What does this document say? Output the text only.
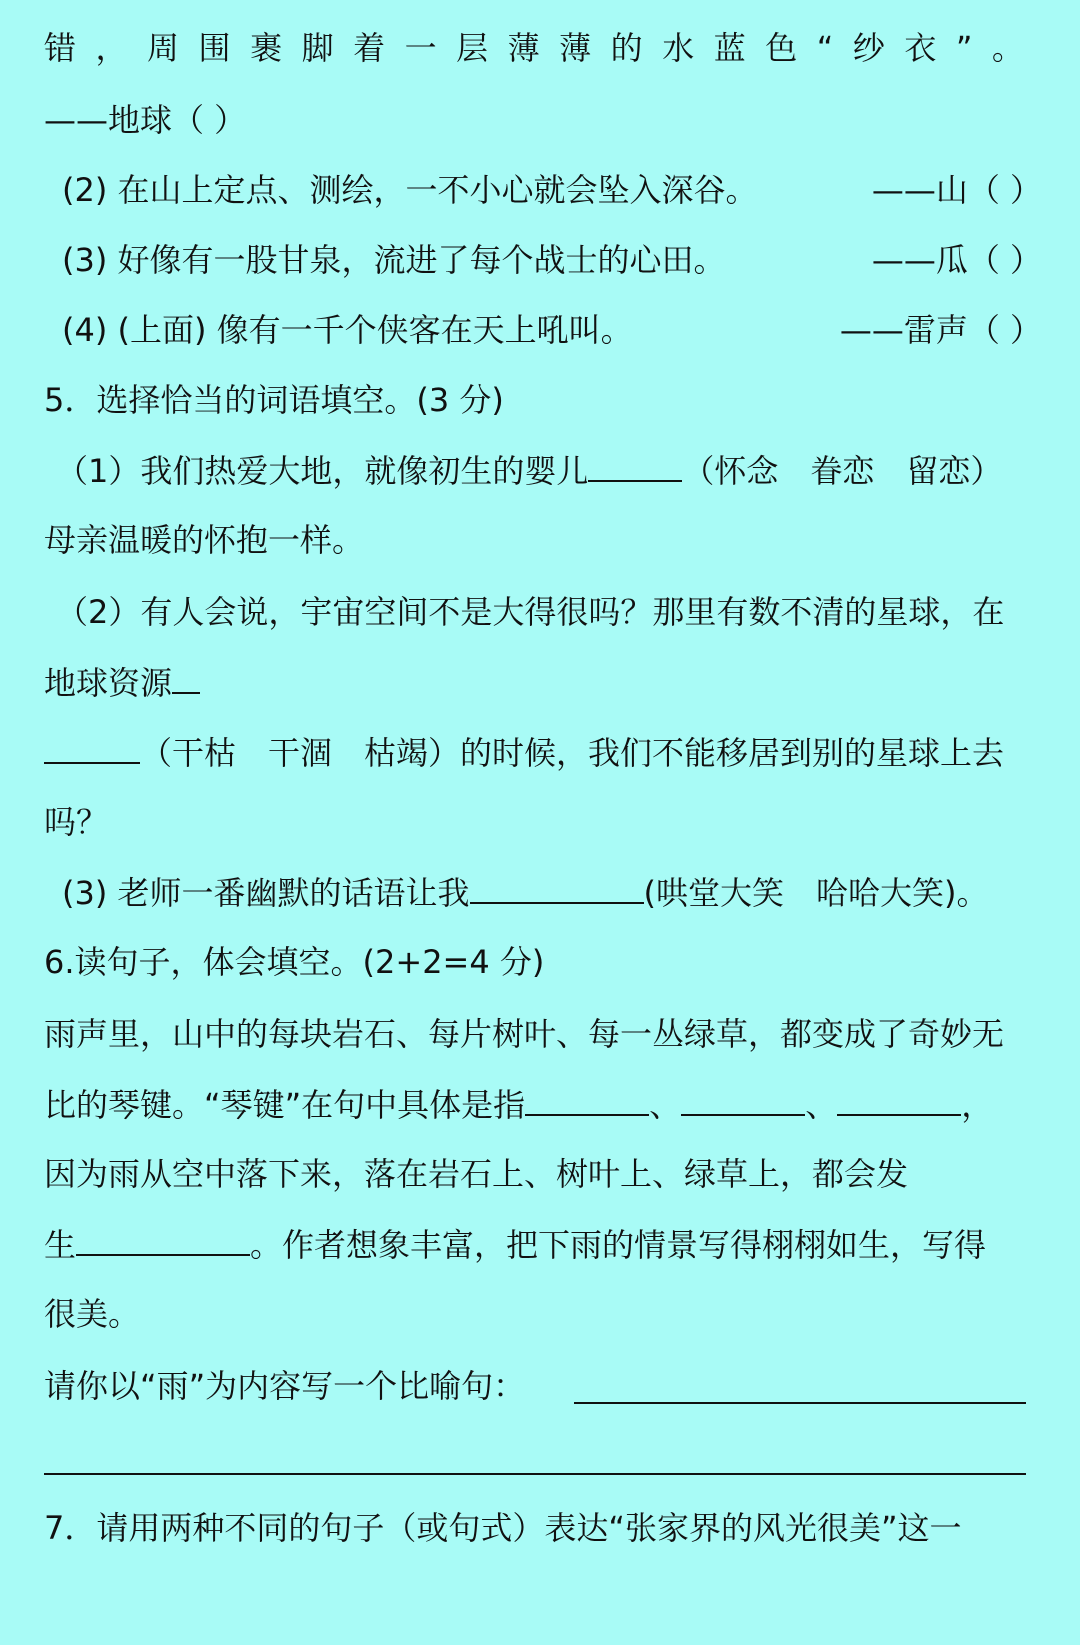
错 ， 周 围 裹 脚 着 一 层 薄 薄 的 水 蓝 色 “ 纱 衣 ” 。
——地球（ ）
(2) 在山上定点、测绘，一不小心就会坠入深谷。	——山（ ）
(3) 好像有一股甘泉，流进了每个战士的心田。	——瓜（ ）
(4) (上面) 像有一千个侠客在天上吼叫。	——雷声（ ）
5．选择恰当的词语填空。(3 分)
（1）我们热爱大地，就像初生的婴儿	（怀念　眷恋　留恋）
母亲温暖的怀抱一样。
（2）有人会说，宇宙空间不是大得很吗？那里有数不清的星球，在
地球资源
（干枯　干涸　枯竭）的时候，我们不能移居到别的星球上去
吗？
(3) 老师一番幽默的话语让我	(哄堂大笑　哈哈大笑)。
6.读句子，体会填空。(2+2=4 分)
雨声里，山中的每块岩石、每片树叶、每一丛绿草，都变成了奇妙无
比的琴键。“琴键”在句中具体是指	、	、	，
因为雨从空中落下来，落在岩石上、树叶上、绿草上，都会发
生	。作者想象丰富，把下雨的情景写得栩栩如生，写得
很美。
请你以“雨”为内容写一个比喻句：
7．请用两种不同的句子（或句式）表达“张家界的风光很美”这一
